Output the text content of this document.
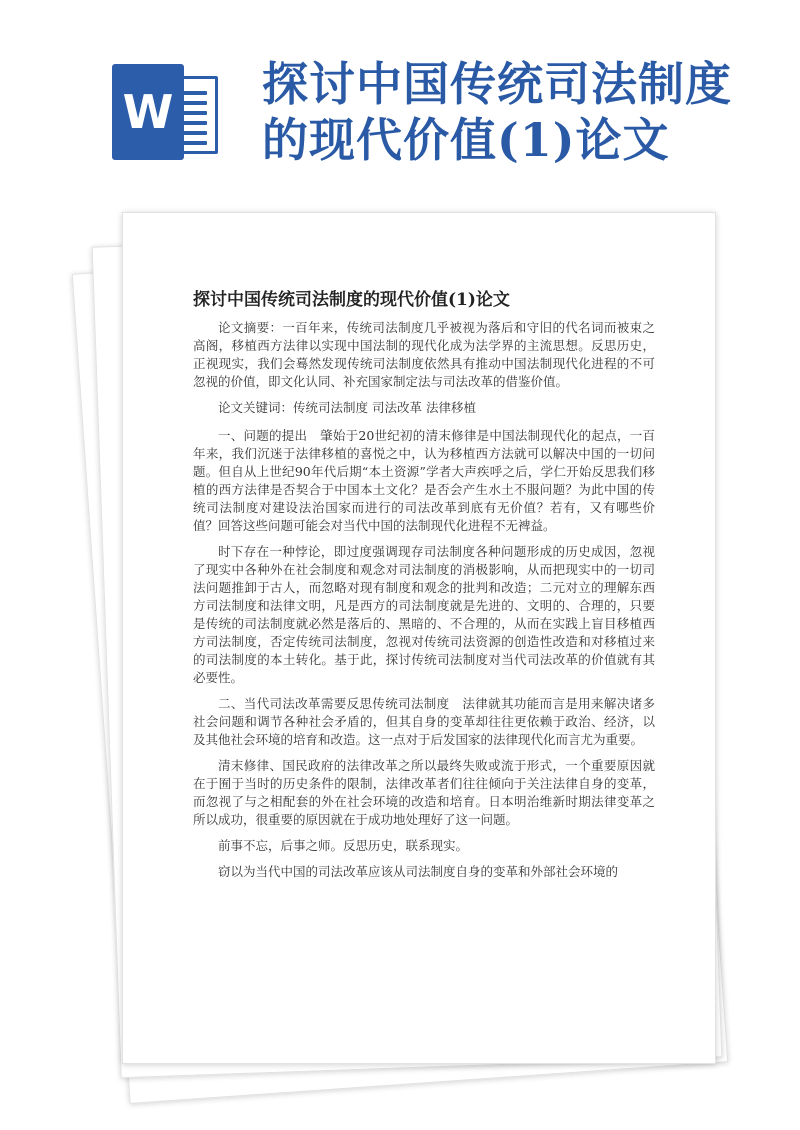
W
探讨中国传统司法制度
的现代价值(1)论文
探讨中国传统司法制度的现代价值(1)论文

论文摘要：一百年来，传统司法制度几乎被视为落后和守旧的代名词而被束之高阁，移植西方法律以实现中国法制的现代化成为法学界的主流思想。反思历史，正视现实，我们会蓦然发现传统司法制度依然具有推动中国法制现代化进程的不可忽视的价值，即文化认同、补充国家制定法与司法改革的借鉴价值。

论文关键词：传统司法制度 司法改革 法律移植

一、问题的提出　肇始于20世纪初的清末修律是中国法制现代化的起点，一百年来，我们沉迷于法律移植的喜悦之中，认为移植西方法就可以解决中国的一切问题。但自从上世纪90年代后期“本土资源”学者大声疾呼之后，学仁开始反思我们移植的西方法律是否契合于中国本土文化？是否会产生水土不服问题？为此中国的传统司法制度对建设法治国家而进行的司法改革到底有无价值？若有，又有哪些价值？回答这些问题可能会对当代中国的法制现代化进程不无裨益。

时下存在一种悖论，即过度强调现存司法制度各种问题形成的历史成因，忽视了现实中各种外在社会制度和观念对司法制度的消极影响，从而把现实中的一切司法问题推卸于古人，而忽略对现有制度和观念的批判和改造；二元对立的理解东西方司法制度和法律文明，凡是西方的司法制度就是先进的、文明的、合理的，只要是传统的司法制度就必然是落后的、黑暗的、不合理的，从而在实践上盲目移植西方司法制度，否定传统司法制度，忽视对传统司法资源的创造性改造和对移植过来的司法制度的本土转化。基于此，探讨传统司法制度对当代司法改革的价值就有其必要性。

二、当代司法改革需要反思传统司法制度　法律就其功能而言是用来解决诸多社会问题和调节各种社会矛盾的，但其自身的变革却往往更依赖于政治、经济，以及其他社会环境的培育和改造。这一点对于后发国家的法律现代化而言尤为重要。

清末修律、国民政府的法律改革之所以最终失败或流于形式，一个重要原因就在于囿于当时的历史条件的限制，法律改革者们往往倾向于关注法律自身的变革，而忽视了与之相配套的外在社会环境的改造和培育。日本明治维新时期法律变革之所以成功，很重要的原因就在于成功地处理好了这一问题。

前事不忘，后事之师。反思历史，联系现实。

窃以为当代中国的司法改革应该从司法制度自身的变革和外部社会环境的
